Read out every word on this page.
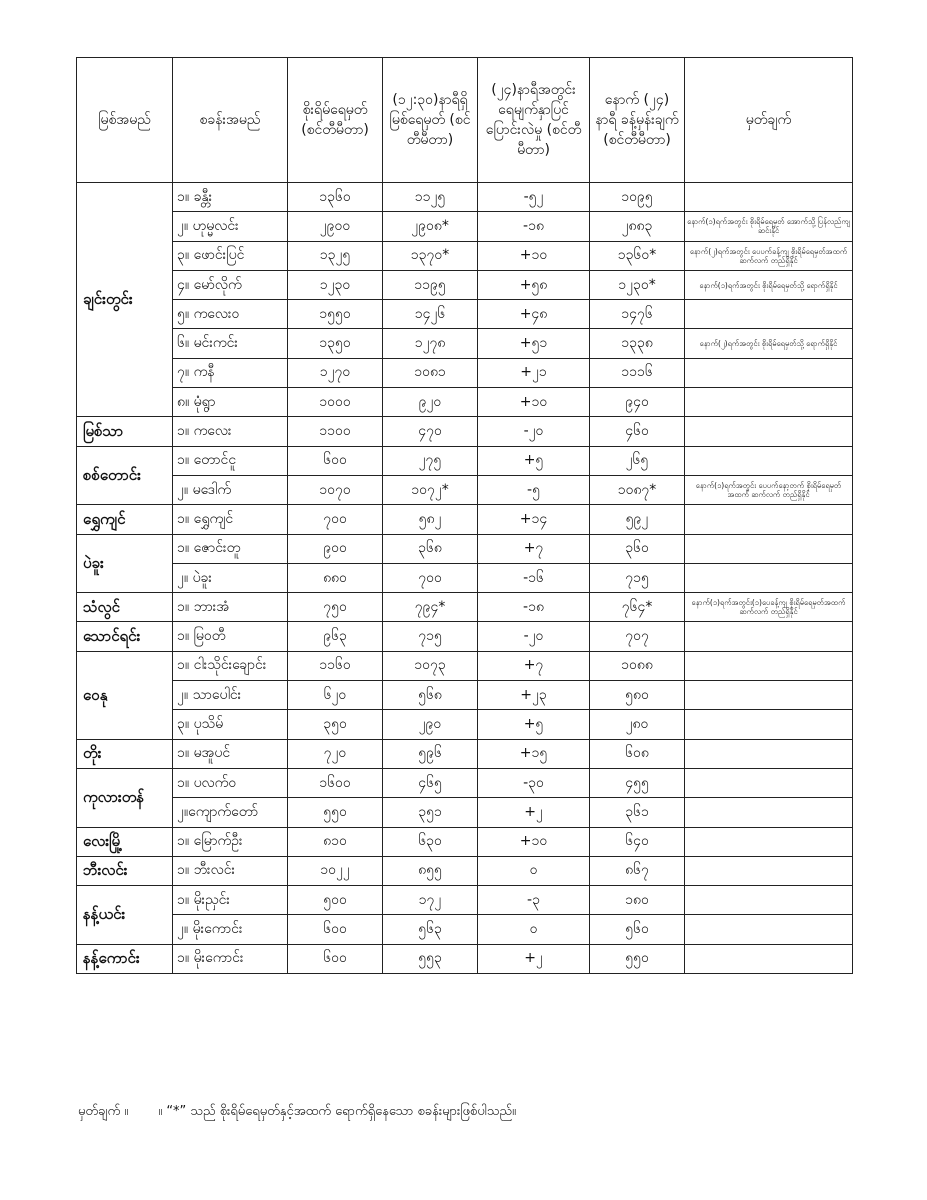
မြစ်အမည်	စခန်းအမည်	စိုးရိမ်ရေမှတ် (စင်တီမီတာ)	(၁၂:၃၀)နာရီရှိ မြစ်ရေမှတ် (စင်တီမီတာ)	(၂၄)နာရီအတွင်း ရေမျက်နှာပြင် ပြောင်းလဲမှု (စင်တီမီတာ)	နောက် (၂၄) နာရီ ခန့်မှန်းချက် (စင်တီမီတာ)	မှတ်ချက်
ချင်းတွင်း	၁။ ခန္တီး	၁၃၆၀	၁၁၂၅	-၅၂	၁၀၉၅	
	၂။ ဟုမ္မလင်း	၂၉၀၀	၂၉၀၈*	-၁၈	၂၈၈၃	နောက်(၁)ရက်အတွင်း စိုးရိမ်ရေမှတ် အောက်သို့ ပြန်လည်ကျဆင်းနိုင်
	၃။ ဖောင်းပြင်	၁၃၂၅	၁၃၇၀*	+၁၀	၁၃၆၀*	နောက်(၂)ရက်အတွင်း ပေပက်ခန့်ကျ စိုးရိမ်ရေမှတ်အထက်ဆက်လက် တည်ရှိနိုင်
	၄။ မော်လိုက်	၁၂၃၀	၁၁၉၅	+၅၈	၁၂၃၀*	နောက်(၁)ရက်အတွင်း စိုးရိမ်ရေမှတ်သို့ ရောက်ရှိနိုင်
	၅။ ကလေးဝ	၁၅၅၀	၁၄၂၆	+၄၈	၁၄၇၆	
	၆။ မင်းကင်း	၁၃၅၀	၁၂၇၈	+၅၁	၁၃၃၈	နောက်(၂)ရက်အတွင်း စိုးရိမ်ရေမှတ်သို့ ရောက်ရှိနိုင်
	၇။ ကနီ	၁၂၇၀	၁၀၈၁	+၂၁	၁၁၁၆	
	၈။ မုံရွာ	၁၀၀၀	၉၂၀	+၁၀	၉၄၀	
မြစ်သာ	၁။ ကလေး	၁၁၀၀	၄၇၀	-၂၀	၄၆၀	
စစ်တောင်း	၁။ တောင်ငူ	၆၀၀	၂၇၅	+၅	၂၆၅	
	၂။ မဒေါက်	၁၀၇၀	၁၀၇၂*	-၅	၁၀၈၇*	နောက်(၁)ရက်အတွင်း ပေပက်နော့တက် စိုးရိမ်ရေမှတ်အထက် ဆက်လက် တည်ရှိနိုင်
ရွှေကျင်	၁။ ရွှေကျင်	၇၀၀	၅၈၂	+၁၄	၅၉၂	
ပဲခူး	၁။ ဇောင်းတူ	၉၀၀	၃၆၈	+၇	၃၆၀	
	၂။ ပဲခူး	၈၈၀	၇၀၀	-၁၆	၇၁၅	
သံလွင်	၁။ ဘားအံ	၇၅၀	၇၉၄*	-၁၈	၇၆၄*	နောက်(၁)ရက်အတွင်း(၁)ပေခန့်ကျ စိုးရိမ်ရေမှတ်အထက် ဆက်လက် တည်ရှိနိုင်
သောင်ရင်း	၁။ မြဝတီ	၉၆၃	၇၁၅	-၂၀	၇၀၇	
ဝေနု	၁။ ငါးသိုင်းချောင်း	၁၁၆၀	၁၀၇၃	+၇	၁၀၈၈	
	၂။ သာပေါင်း	၆၂၀	၅၆၈	+၂၃	၅၈၀	
	၃။ ပုသိမ်	၃၅၀	၂၉၀	+၅	၂၈၀	
တိုး	၁။ မအူပင်	၇၂၀	၅၉၆	+၁၅	၆၀၈	
ကုလားတန်	၁။ ပလက်ဝ	၁၆၀၀	၄၆၅	-၃၀	၄၅၅	
	၂။ကျောက်တော်	၅၅၀	၃၅၁	+၂	၃၆၁	
လေးမြို့	၁။ မြောက်ဦး	၈၁၀	၆၃၀	+၁၀	၆၄၀	
ဘီးလင်း	၁။ ဘီးလင်း	၁၀၂၂	၈၅၅	၀	၈၆၇	
နန့်ယင်း	၁။ မိုးညှင်း	၅၀၀	၁၇၂	-၃	၁၈၀	
	၂။ မိုးကောင်း	၆၀၀	၅၆၃	၀	၅၆၀	
နန့်ကောင်း	၁။ မိုးကောင်း	၆၀၀	၅၅၃	+၂	၅၅၀	
မှတ်ချက် ။ ။ “*” သည် စိုးရိမ်ရေမှတ်နှင့်အထက် ရောက်ရှိနေသော စခန်းများဖြစ်ပါသည်။
